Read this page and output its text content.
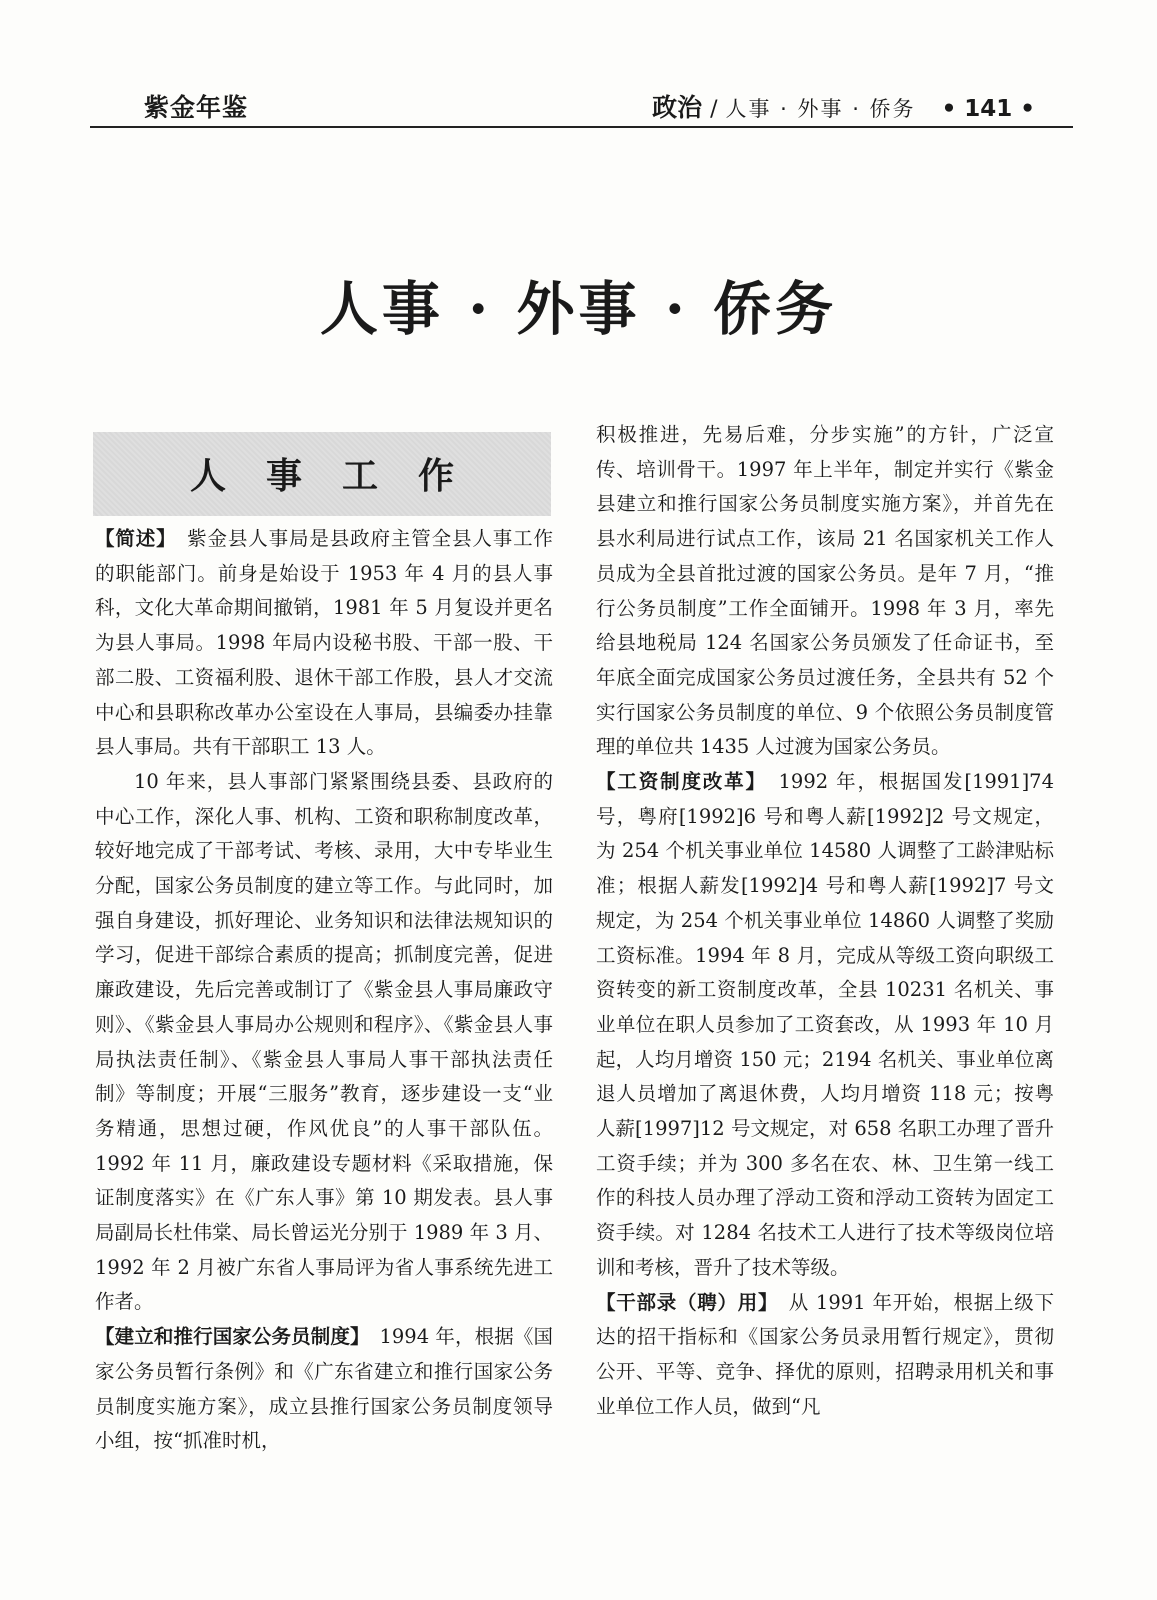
紫金年鉴	政治 / 人事 · 外事 · 侨务 • 141 •
人事 · 外事 · 侨务
人事工作

【简述】　紫金县人事局是县政府主管全县人事工作的职能部门。前身是始设于 1953 年 4 月的县人事科，文化大革命期间撤销，1981 年 5 月复设并更名为县人事局。1998 年局内设秘书股、干部一股、干部二股、工资福利股、退休干部工作股，县人才交流中心和县职称改革办公室设在人事局，县编委办挂靠县人事局。共有干部职工 13 人。

10 年来，县人事部门紧紧围绕县委、县政府的中心工作，深化人事、机构、工资和职称制度改革，较好地完成了干部考试、考核、录用，大中专毕业生分配，国家公务员制度的建立等工作。与此同时，加强自身建设，抓好理论、业务知识和法律法规知识的学习，促进干部综合素质的提高；抓制度完善，促进廉政建设，先后完善或制订了《紫金县人事局廉政守则》、《紫金县人事局办公规则和程序》、《紫金县人事局执法责任制》、《紫金县人事局人事干部执法责任制》等制度；开展“三服务”教育，逐步建设一支“业务精通，思想过硬，作风优良”的人事干部队伍。1992 年 11 月，廉政建设专题材料《采取措施，保证制度落实》在《广东人事》第 10 期发表。县人事局副局长杜伟棠、局长曾运光分别于 1989 年 3 月、1992 年 2 月被广东省人事局评为省人事系统先进工作者。

【建立和推行国家公务员制度】　1994 年，根据《国家公务员暂行条例》和《广东省建立和推行国家公务员制度实施方案》，成立县推行国家公务员制度领导小组，按“抓准时机，

积极推进，先易后难，分步实施”的方针，广泛宣传、培训骨干。1997 年上半年，制定并实行《紫金县建立和推行国家公务员制度实施方案》，并首先在县水利局进行试点工作，该局 21 名国家机关工作人员成为全县首批过渡的国家公务员。是年 7 月，“推行公务员制度”工作全面铺开。1998 年 3 月，率先给县地税局 124 名国家公务员颁发了任命证书，至年底全面完成国家公务员过渡任务，全县共有 52 个实行国家公务员制度的单位、9 个依照公务员制度管理的单位共 1435 人过渡为国家公务员。

【工资制度改革】　1992 年，根据国发[1991]74 号，粤府[1992]6 号和粤人薪[1992]2 号文规定，为 254 个机关事业单位 14580 人调整了工龄津贴标准；根据人薪发[1992]4 号和粤人薪[1992]7 号文规定，为 254 个机关事业单位 14860 人调整了奖励工资标准。1994 年 8 月，完成从等级工资向职级工资转变的新工资制度改革，全县 10231 名机关、事业单位在职人员参加了工资套改，从 1993 年 10 月起，人均月增资 150 元；2194 名机关、事业单位离退人员增加了离退休费，人均月增资 118 元；按粤人薪[1997]12 号文规定，对 658 名职工办理了晋升工资手续；并为 300 多名在农、林、卫生第一线工作的科技人员办理了浮动工资和浮动工资转为固定工资手续。对 1284 名技术工人进行了技术等级岗位培训和考核，晋升了技术等级。

【干部录（聘）用】　从 1991 年开始，根据上级下达的招干指标和《国家公务员录用暂行规定》，贯彻公开、平等、竞争、择优的原则，招聘录用机关和事业单位工作人员，做到“凡
